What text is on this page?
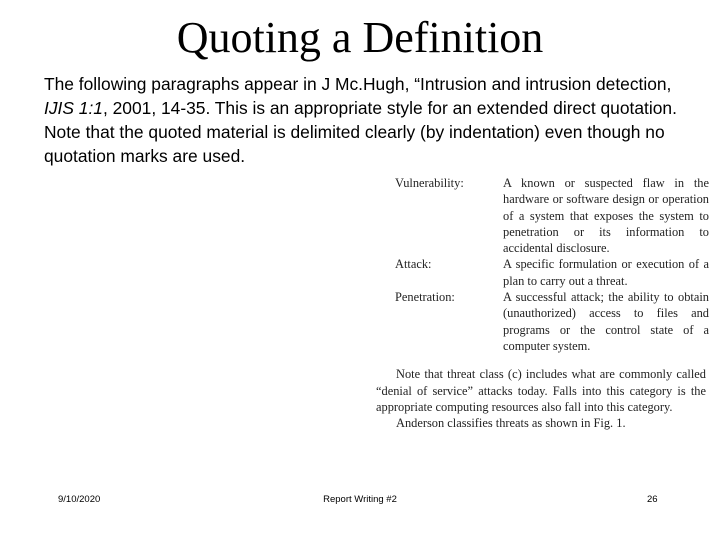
Quoting a Definition

The following paragraphs appear in J Mc.Hugh, “Intrusion and intrusion detection, IJIS 1:1, 2001, 14-35. This is an appropriate style for an extended direct quotation. Note that the quoted material is delimited clearly (by indentation) even though no quotation marks are used.

Vulnerability:	A known or suspected flaw in the hardware or software design or operation of a system that exposes the system to penetration or its information to accidental disclosure.
Attack:	A specific formulation or execution of a plan to carry out a threat.
Penetration:	A successful attack; the ability to obtain (unauthorized) access to files and programs or the control state of a computer system.
Note that threat class (c) includes what are commonly called “denial of service” attacks today. Falls into this category is the appropriate computing resources also fall into this category.
Anderson classifies threats as shown in Fig. 1.
9/10/2020	Report Writing #2	26
